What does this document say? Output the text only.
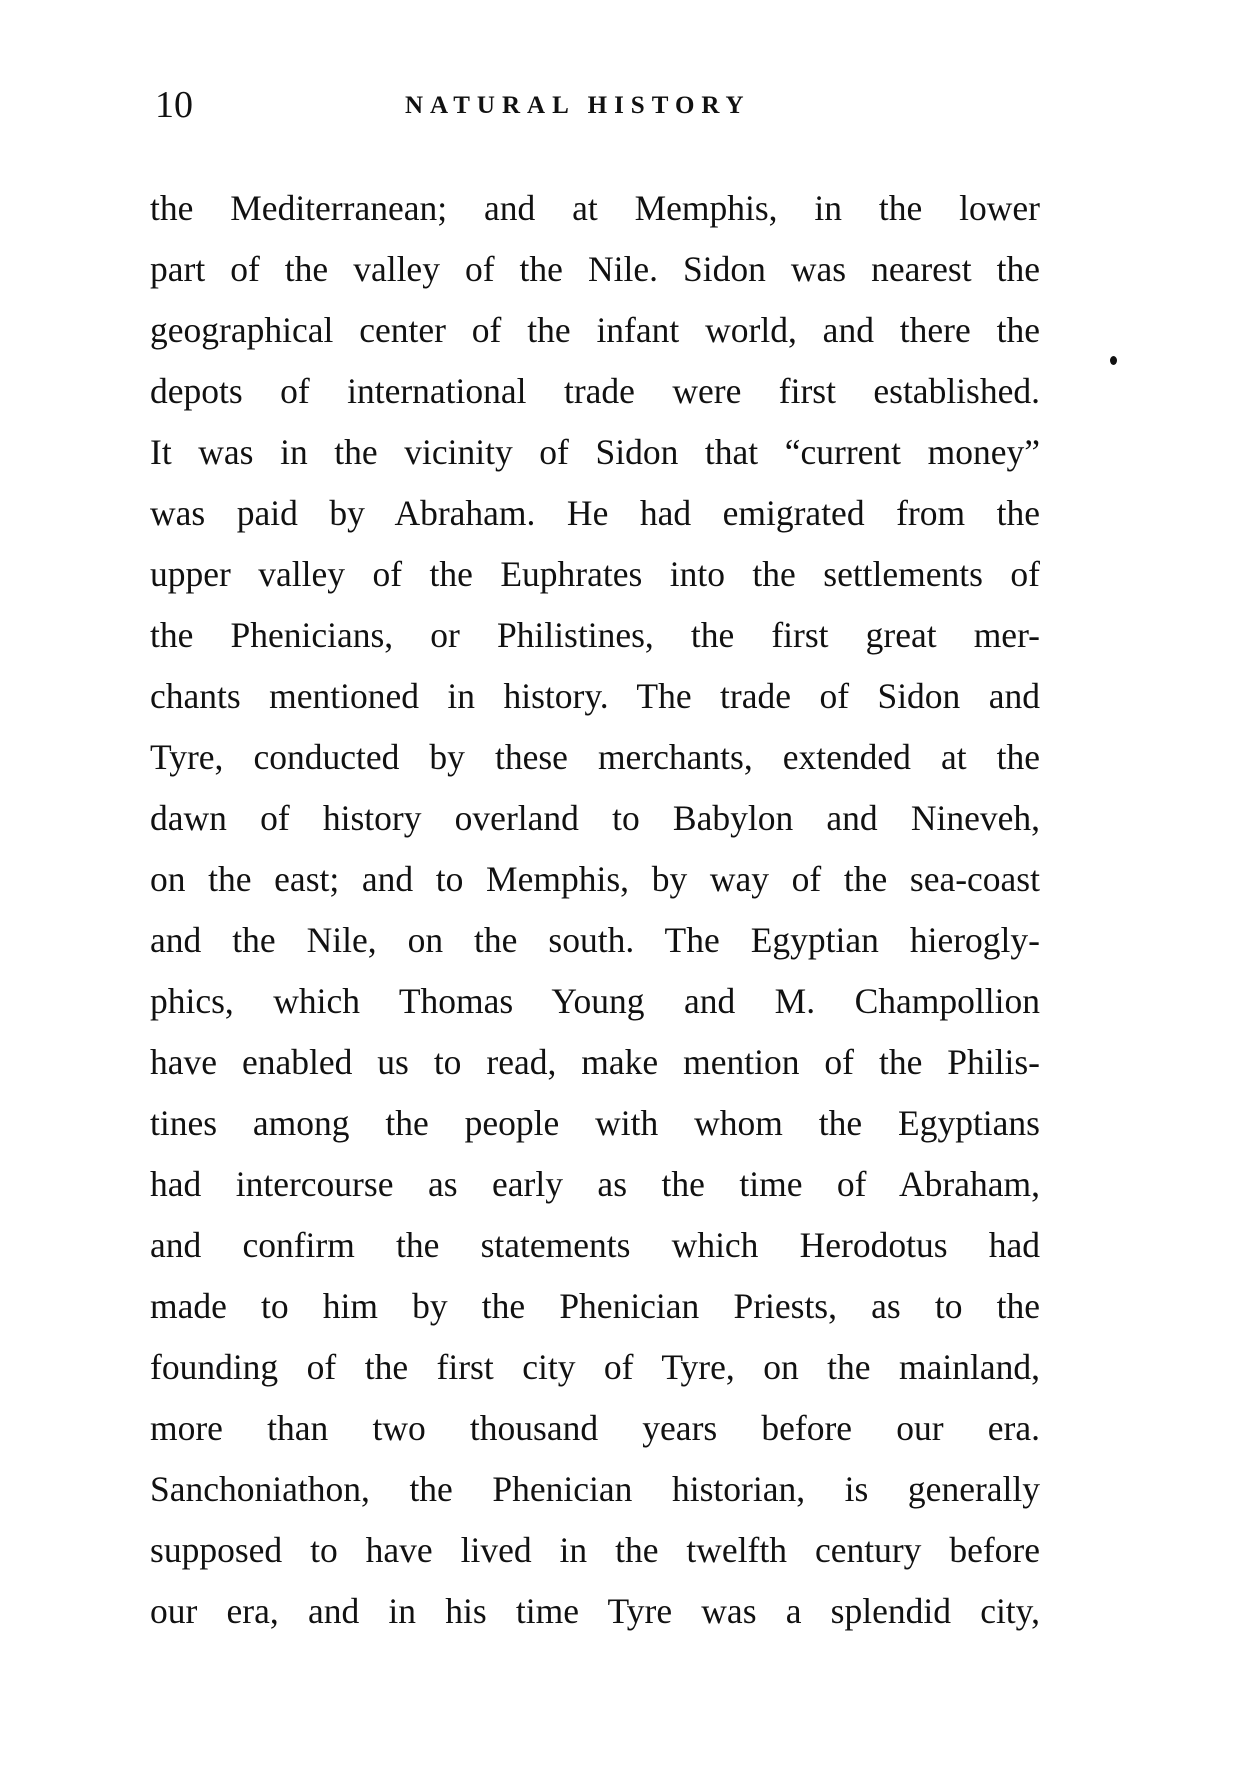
10	NATURAL HISTORY
the Mediterranean; and at Memphis, in the lower
part of the valley of the Nile. Sidon was nearest the
geographical center of the infant world, and there the
depots of international trade were first established.
It was in the vicinity of Sidon that “current money”
was paid by Abraham. He had emigrated from the
upper valley of the Euphrates into the settlements of
the Phenicians, or Philistines, the first great mer-
chants mentioned in history. The trade of Sidon and
Tyre, conducted by these merchants, extended at the
dawn of history overland to Babylon and Nineveh,
on the east; and to Memphis, by way of the sea-coast
and the Nile, on the south. The Egyptian hierogly-
phics, which Thomas Young and M. Champollion
have enabled us to read, make mention of the Philis-
tines among the people with whom the Egyptians
had intercourse as early as the time of Abraham,
and confirm the statements which Herodotus had
made to him by the Phenician Priests, as to the
founding of the first city of Tyre, on the mainland,
more than two thousand years before our era.
Sanchoniathon, the Phenician historian, is generally
supposed to have lived in the twelfth century before
our era, and in his time Tyre was a splendid city,
